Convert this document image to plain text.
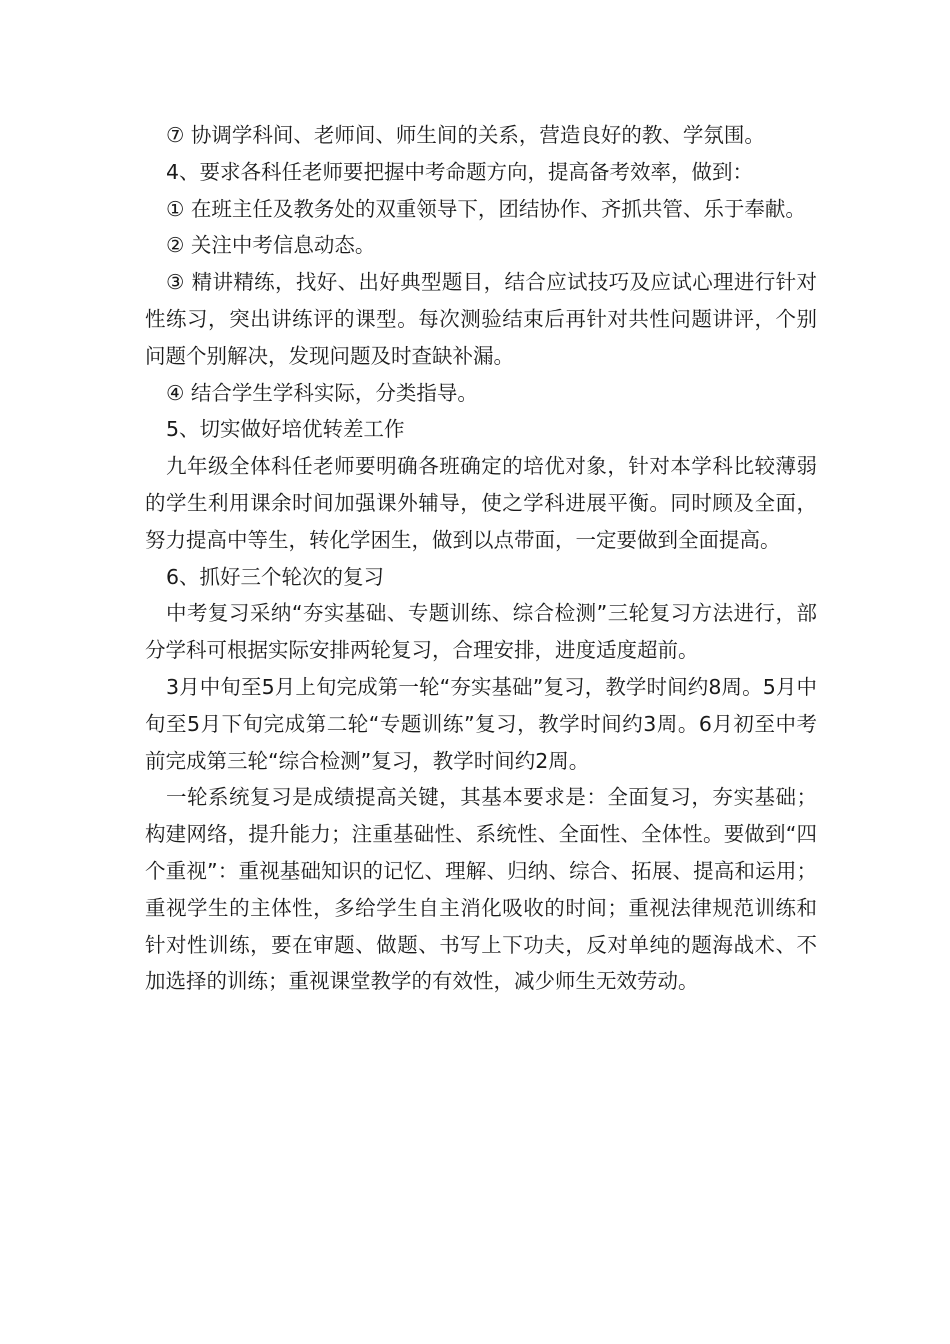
⑦ 协调学科间、老师间、师生间的关系，营造良好的教、学氛围。

4、要求各科任老师要把握中考命题方向，提高备考效率，做到：

① 在班主任及教务处的双重领导下，团结协作、齐抓共管、乐于奉献。

② 关注中考信息动态。

③ 精讲精练，找好、出好典型题目，结合应试技巧及应试心理进行针对性练习，突出讲练评的课型。每次测验结束后再针对共性问题讲评，个别问题个别解决，发现问题及时查缺补漏。

④ 结合学生学科实际，分类指导。

5、切实做好培优转差工作

九年级全体科任老师要明确各班确定的培优对象，针对本学科比较薄弱的学生利用课余时间加强课外辅导，使之学科进展平衡。同时顾及全面，努力提高中等生，转化学困生，做到以点带面，一定要做到全面提高。

6、抓好三个轮次的复习

中考复习采纳“夯实基础、专题训练、综合检测”三轮复习方法进行，部分学科可根据实际安排两轮复习，合理安排，进度适度超前。

3月中旬至5月上旬完成第一轮“夯实基础”复习，教学时间约8周。5月中旬至5月下旬完成第二轮“专题训练”复习，教学时间约3周。6月初至中考前完成第三轮“综合检测”复习，教学时间约2周。

一轮系统复习是成绩提高关键，其基本要求是：全面复习，夯实基础；构建网络，提升能力；注重基础性、系统性、全面性、全体性。要做到“四个重视”：重视基础知识的记忆、理解、归纳、综合、拓展、提高和运用；重视学生的主体性，多给学生自主消化吸收的时间；重视法律规范训练和针对性训练，要在审题、做题、书写上下功夫，反对单纯的题海战术、不加选择的训练；重视课堂教学的有效性，减少师生无效劳动。
